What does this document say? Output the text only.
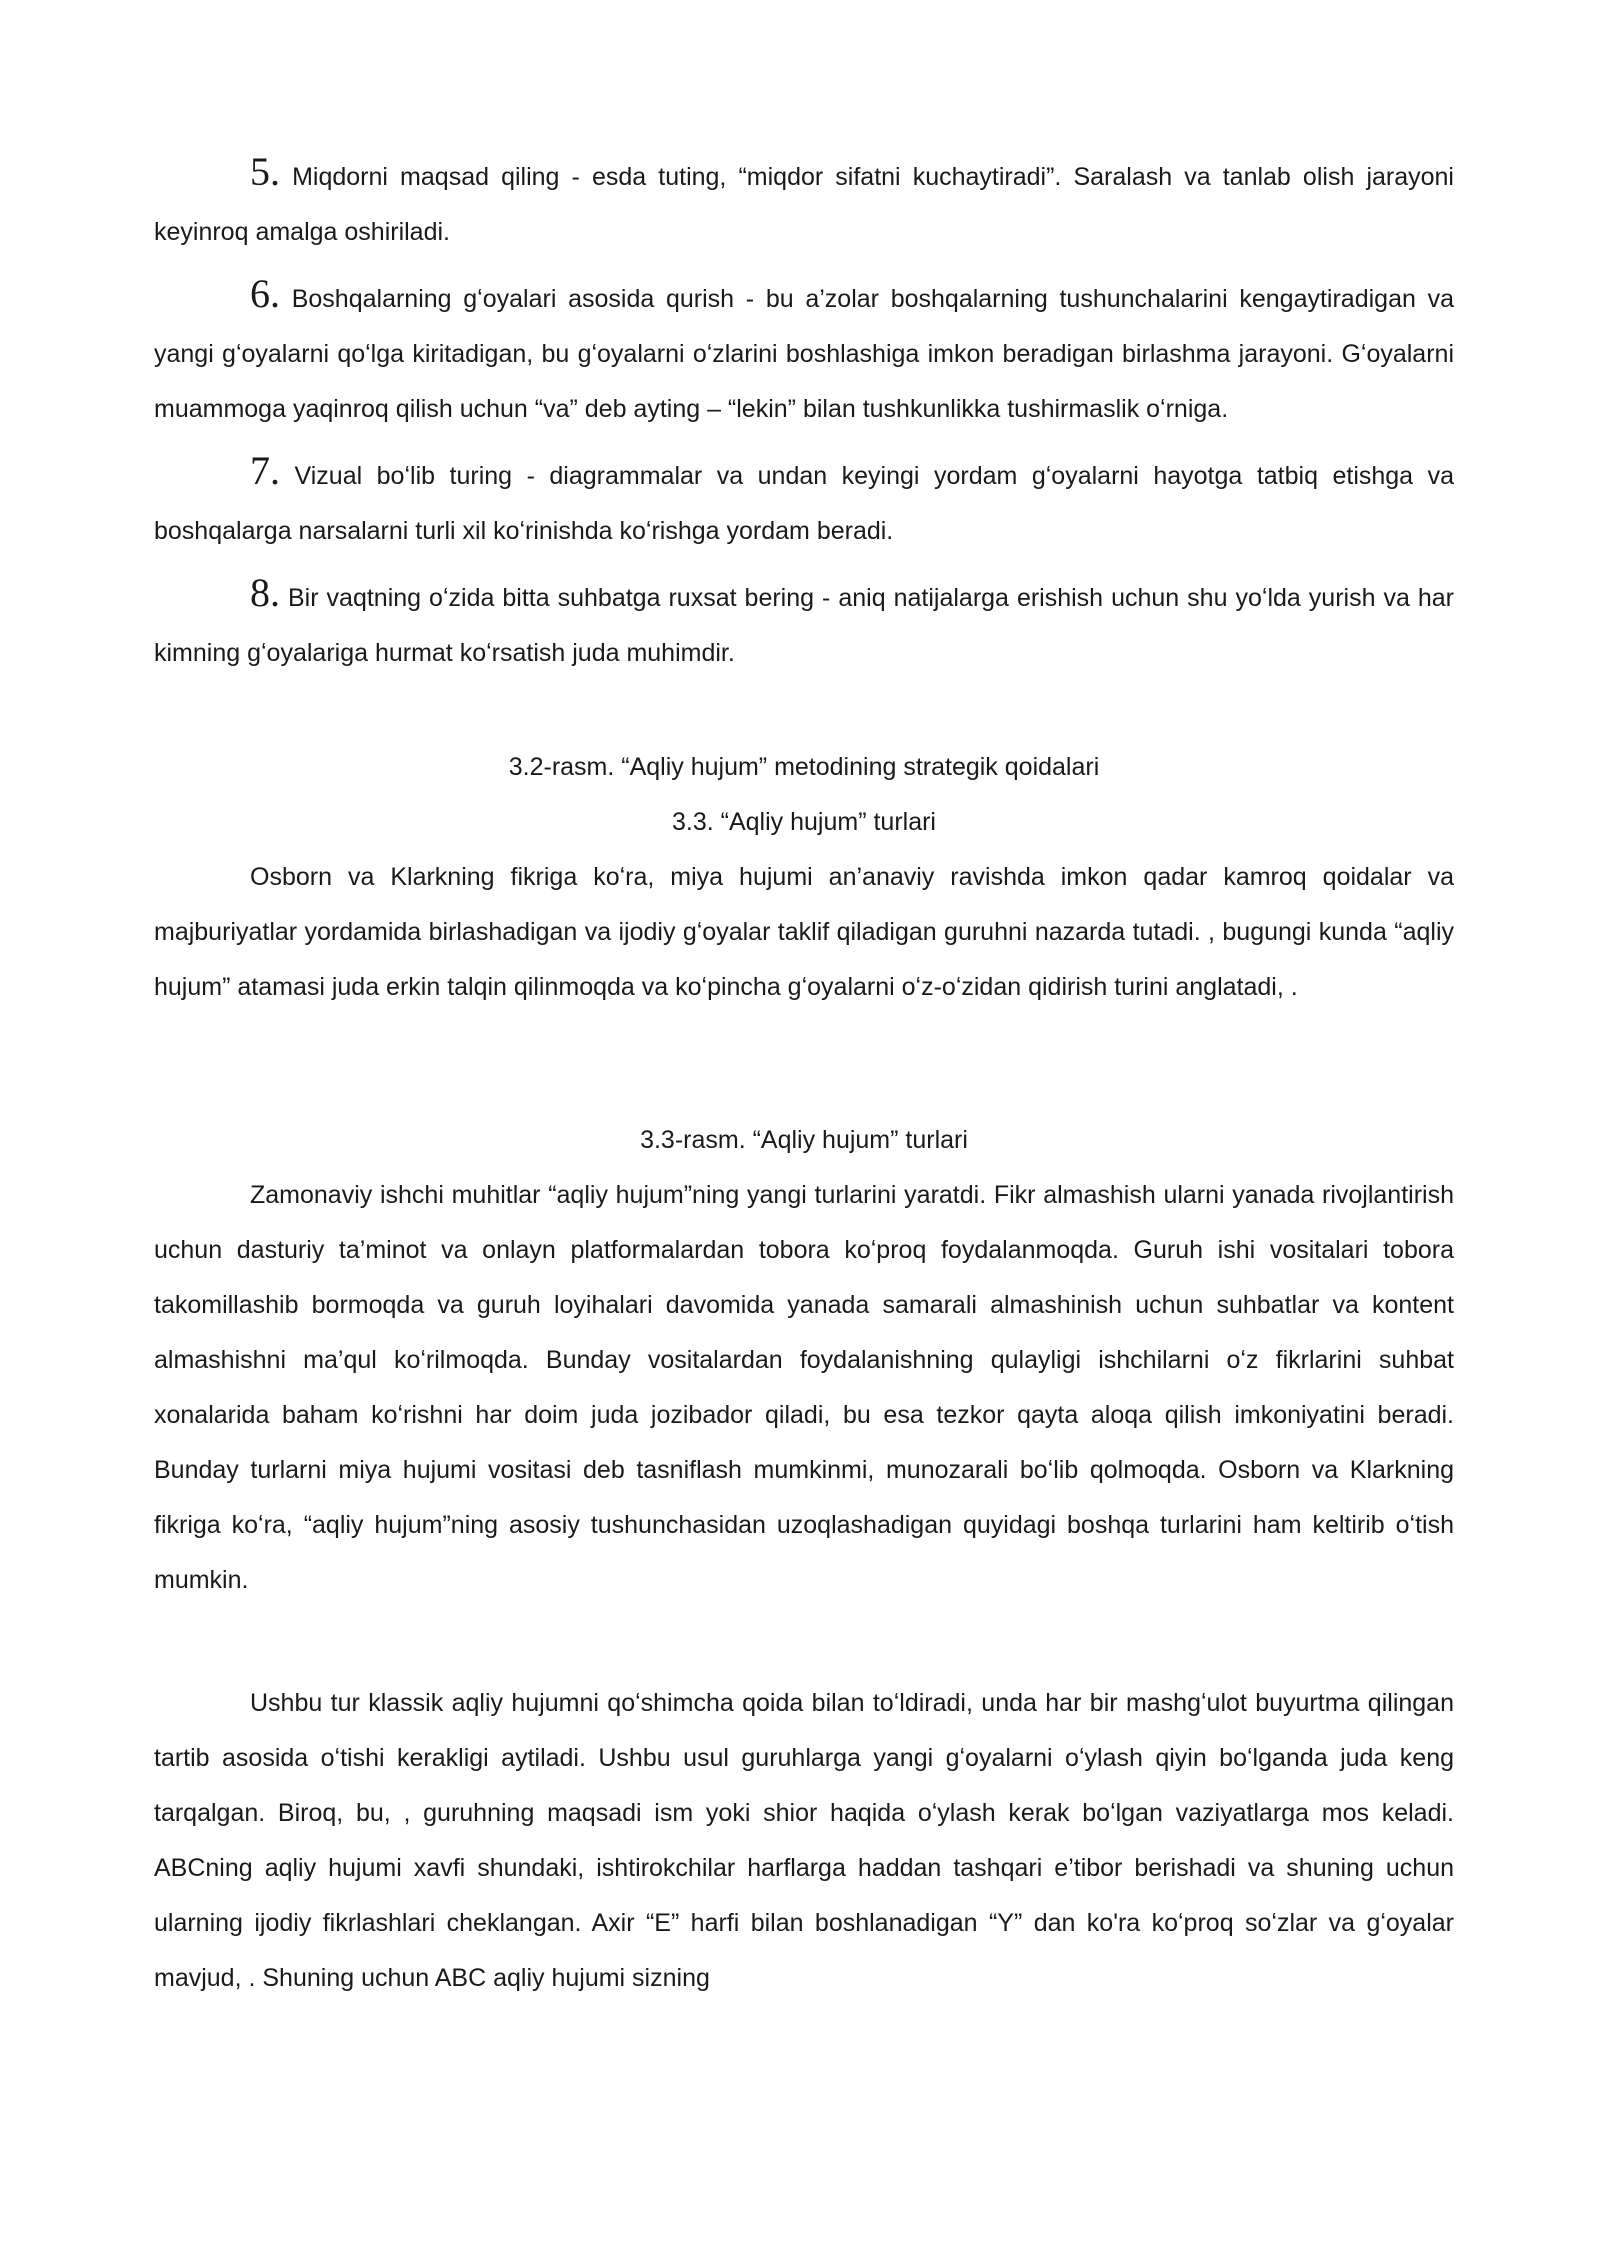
5. Miqdorni maqsad qiling - esda tuting, “miqdor sifatni kuchaytiradi”. Saralash va tanlab olish jarayoni keyinroq amalga oshiriladi.

6. Boshqalarning gʻoyalari asosida qurish - bu a’zolar boshqalarning tushunchalarini kengaytiradigan va yangi gʻoyalarni qoʻlga kiritadigan, bu gʻoyalarni oʻzlarini boshlashiga imkon beradigan birlashma jarayoni. Gʻoyalarni muammoga yaqinroq qilish uchun “va” deb ayting – “lekin” bilan tushkunlikka tushirmaslik oʻrniga.

7. Vizual boʻlib turing - diagrammalar va undan keyingi yordam gʻoyalarni hayotga tatbiq etishga va boshqalarga narsalarni turli xil koʻrinishda koʻrishga yordam beradi.

8. Bir vaqtning oʻzida bitta suhbatga ruxsat bering - aniq natijalarga erishish uchun shu yoʻlda yurish va har kimning gʻoyalariga hurmat koʻrsatish juda muhimdir.

3.2-rasm. “Aqliy hujum” metodining strategik qoidalari

3.3. “Aqliy hujum” turlari

Osborn va Klarkning fikriga koʻra, miya hujumi an’anaviy ravishda imkon qadar kamroq qoidalar va majburiyatlar yordamida birlashadigan va ijodiy gʻoyalar taklif qiladigan guruhni nazarda tutadi. , bugungi kunda “aqliy hujum” atamasi juda erkin talqin qilinmoqda va koʻpincha gʻoyalarni oʻz-oʻzidan qidirish turini anglatadi, .

3.3-rasm. “Aqliy hujum” turlari

Zamonaviy ishchi muhitlar “aqliy hujum”ning yangi turlarini yaratdi. Fikr almashish ularni yanada rivojlantirish uchun dasturiy ta’minot va onlayn platformalardan tobora koʻproq foydalanmoqda. Guruh ishi vositalari tobora takomillashib bormoqda va guruh loyihalari davomida yanada samarali almashinish uchun suhbatlar va kontent almashishni ma’qul koʻrilmoqda. Bunday vositalardan foydalanishning qulayligi ishchilarni oʻz fikrlarini suhbat xonalarida baham koʻrishni har doim juda jozibador qiladi, bu esa tezkor qayta aloqa qilish imkoniyatini beradi. Bunday turlarni miya hujumi vositasi deb tasniflash mumkinmi, munozarali boʻlib qolmoqda. Osborn va Klarkning fikriga koʻra, “aqliy hujum”ning asosiy tushunchasidan uzoqlashadigan quyidagi boshqa turlarini ham keltirib oʻtish mumkin.

Ushbu tur klassik aqliy hujumni qoʻshimcha qoida bilan toʻldiradi, unda har bir mashgʻulot buyurtma qilingan tartib asosida oʻtishi kerakligi aytiladi. Ushbu usul guruhlarga yangi gʻoyalarni oʻylash qiyin boʻlganda juda keng tarqalgan. Biroq, bu, , guruhning maqsadi ism yoki shior haqida oʻylash kerak boʻlgan vaziyatlarga mos keladi. ABCning aqliy hujumi xavfi shundaki, ishtirokchilar harflarga haddan tashqari e’tibor berishadi va shuning uchun ularning ijodiy fikrlashlari cheklangan. Axir “E” harfi bilan boshlanadigan “Y” dan ko'ra koʻproq soʻzlar va gʻoyalar mavjud, . Shuning uchun ABC aqliy hujumi sizning
